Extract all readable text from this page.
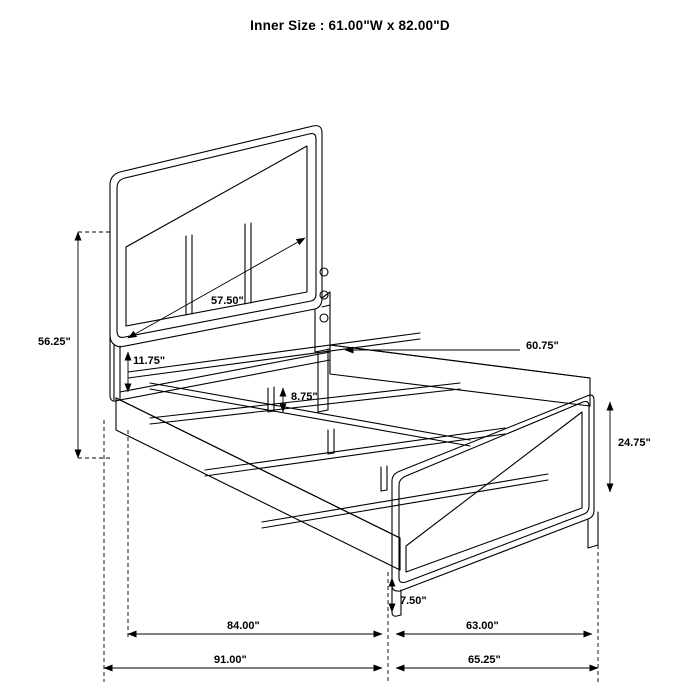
Inner Size : 61.00"W x 82.00"D
56.25"
57.50"
11.75"
60.75"
8.75"
24.75"
7.50"
84.00"	63.00"
91.00"	65.25"
